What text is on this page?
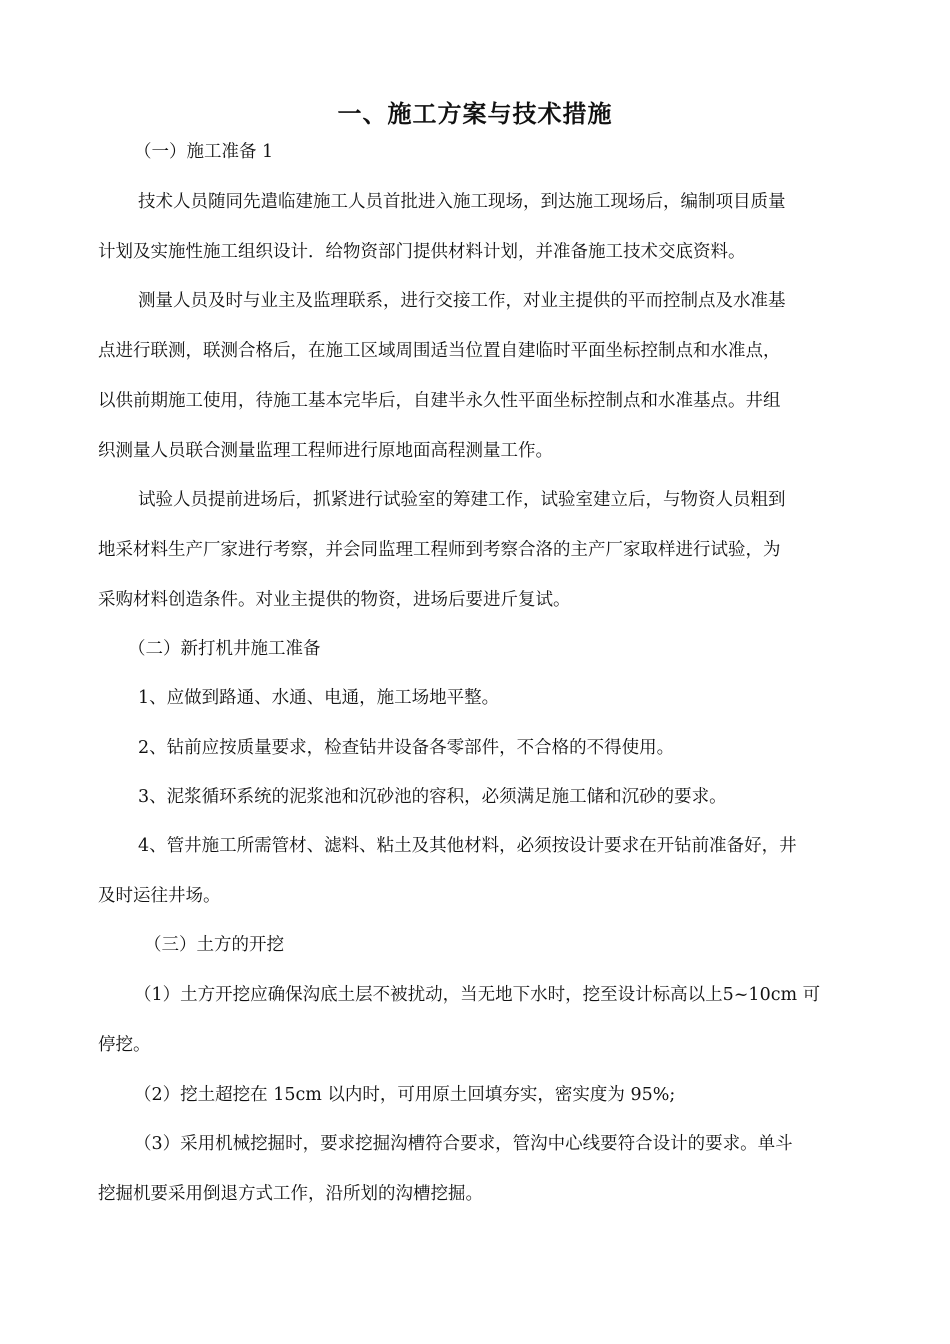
一、施工方案与技术措施
（一）施工准备 1
技术人员随同先遣临建施工人员首批进入施工现场，到达施工现场后，编制项目质量
计划及实施性施工组织设计．给物资部门提供材料计划，并准备施工技术交底资料。
测量人员及时与业主及监理联系，进行交接工作，对业主提供的平而控制点及水准基
点进行联测，联测合格后，在施工区域周围适当位置自建临时平面坐标控制点和水准点，
以供前期施工使用，待施工基本完毕后，自建半永久性平面坐标控制点和水准基点。井组
织测量人员联合测量监理工程师进行原地面高程测量工作。
试验人员提前进场后，抓紧进行试验室的筹建工作，试验室建立后，与物资人员粗到
地采材料生产厂家进行考察，并会同监理工程师到考察合洛的主产厂家取样进行试验，为
采购材料创造条件。对业主提供的物资，进场后要进斤复试。
（二）新打机井施工准备
1、应做到路通、水通、电通，施工场地平整。
2、钻前应按质量要求，检查钻井设备各零部件，不合格的不得使用。
3、泥浆循环系统的泥浆池和沉砂池的容积，必须满足施工储和沉砂的要求。
4、管井施工所需管材、滤料、粘土及其他材料，必须按设计要求在开钻前准备好，井
及时运往井场。
（三）土方的开挖
（1）土方开挖应确保沟底土层不被扰动，当无地下水时，挖至设计标高以上5~10cm 可
停挖。
（2）挖土超挖在 15cm 以内时，可用原土回填夯实，密实度为 95%;
（3）采用机械挖掘时，要求挖掘沟槽符合要求，管沟中心线要符合设计的要求。单斗
挖掘机要采用倒退方式工作，沿所划的沟槽挖掘。
